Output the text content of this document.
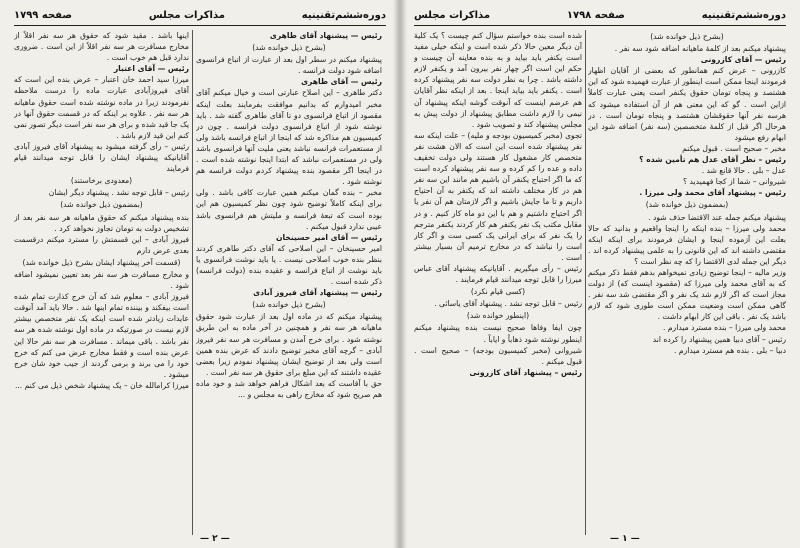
دوره‌ششم‌تقنینیه
مذاکرات مجلس
صفحه ۱۷۹۹

رئیس — پیشنهاد آقای طاهری

(بشرح ذیل خوانده شد)

پیشنهاد میکنم در سطر اول بعد از عبارت از اتباع فرانسوی اضافه شود دولت فرانسه .

رئیس — آقای طاهری

دکتر طاهری – این اصلاح عبارتی است و خیال میکنم آقای مخبر امیدوارم که بدانیم موافقت بفرمایند بعلت اینکه مقصود از اتباع فرانسوی دو تا آقای طاهری گفته شد . باید نوشته شود از اتباع فرانسوی دولت فرانسه . چون در کمیسیون هم مذاکره شد که اینجا از اتباع فرانسه باشد ولی از مستعمرات فرانسه نباشد یعنی ملیت آنها فرانسوی باشد ولی در مستعمرات نباشد که ابتدا اینجا نوشته شده است . در اینجا اگر مقصود بنده پیشنهاد کردم دولت فرانسه هم نوشته شود .

مخبر – بنده گمان میکنم همین عبارت کافی باشد . ولی برای اینکه کاملاً توضیح شود چون نظر کمیسیون هم این بوده است که تبعهٔ فرانسه و ملیتش هم فرانسوی باشد عیبی ندارد قبول میکنم .

رئیس — آقای امیر حسینخان

امیر حسینخان – این اصلاحی که آقای دکتر طاهری کردند بنظر بنده خوب اصلاحی نیست . یا باید نوشت فرانسوی یا باید نوشت از اتباع فرانسه و عقیده بنده (دولت فرانسه) ذکر شده است .

رئیس — پیشنهاد آقای فیروز آبادی

(بشرح ذیل خوانده شد)

پیشنهاد میکنم که در ماده اول بعد از عبارت شود حقوق ماهیانه هر سه نفر و همچنین در آخر ماده به این طریق نوشته شود . برای خرج آمدن و مسافرت هر سه نفر فیروز آبادی – گرچه آقای مخبر توضیح دادند که عرض بنده همین است ولی بعد از توضیح ایشان پیشنهاد نمودم زیرا بعضی عقیده داشتند که این مبلغ برای حقوق هر سه نفر است .

حق با آقاست که بعد اشکال فراهم خواهد شد و خود ماده هم صریح شود که مخارج راهی به مجلس و ...

اینها باشد . مقید شود که حقوق هر سه نفر اقلاً از مخارج مسافرت هر سه نفر اقلاً از این است . ضروری ندارد قبل هم خوب است .

رئیس — آقای اعتبار

میرزا سید احمد خان اعتبار – عرض بنده این است که آقای فیروزآبادی عبارت ماده را درست ملاحظه نفرمودند زیرا در ماده نوشته شده است حقوق ماهیانه هر سه نفر . علاوه بر اینکه که در قسمت حقوق آنها در یک جا قید شده و برای هر سه نفر است دیگر تصور نمی کنم این قید لازم باشد .

رئیس – رأی گرفته میشود به پیشنهاد آقای فیروز آبادی آقایانیکه پیشنهاد ایشان را قابل توجه میدانند قیام فرمایند

(معدودی برخاستند)

رئیس – قابل توجه نشد . پیشنهاد دیگر ایشان

(بمضمون ذیل خوانده شد)

بنده پیشنهاد میکنم که حقوق ماهیانه هر سه نفر بعد از تشخیص دولت به تومان تجاوز نخواهد کرد .

فیروز آبادی – این قسمتش را مسترد میکنم درقسمت بعدی عرض دارم

(قسمت آخر پیشنهاد ایشان بشرح ذیل خوانده شد)

و مخارج مسافرت هر سه نفر بعد تعیین نمیشود اضافه شود .

فیروز آبادی – معلوم شد که آن خرج کذارت تمام شده است بیفکند و بیننده تمام اینها شد . حالا باید آمد آنوقت عایدات زیادتر شده است اینکه یک نفر متخصص بیشتر لازم نیست در صورتیکه در ماده اول نوشته شده هر سه نفر باشد . باقی میماند . مسافرت هر سه نفر حالا این عرض بنده است و فقط مخارج عرض می کنم که خرج خود را می برند و برمی گردند از جیب خود شان خرج میشود .

میرزا کرامالله خان – یک پیشنهاد شخص ذیل می کنم ...

— ۲ —
دوره‌ششم‌تقنینیه
صفحه ۱۷۹۸
مذاکرات مجلس

(بشرح ذیل خوانده شد)

پیشنهاد میکنم بعد از کلمهٔ ماهیانه اضافه شود سه نفر .

رئیس — آقای کازرونی

کازرونی – عرض کنم همانطور که بعضی از آقایان اظهار فرمودند اینجا ممکن است اینطور از عبارت فهمیده شود که این هشتصد و پنجاه تومان حقوق یکنفر است یعنی عبارت کاملاً ازاین است . گو که این معنی هم از آن استفاده میشود که هرسه نفر آنها حقوقشان هشتصد و پنجاه تومان است . در هرحال اگر قبل از کلمهٔ متخصصین (سه نفر) اضافه شود این ابهام رفع میشود

مخبر – صحیح است . قبول میکنم

رئیس – نظر آقای عدل هم تأمین شده ؟

عدل – بلی . حالا قانع شد .

شیروانی – شما از کجا فهمیدید ؟

رئیس – پیشنهاد آقای محمد ولی میرزا .

(بمضمون ذیل خوانده شد)

پیشنهاد میکنم جمله عند الاقتضا حذف شود .

محمد ولی میرزا – بنده اینکه را اینجا واقعیم و بدانید که حالا بعلت این آزموده اینجا و ایشان فرمودند برای اینکه اینکه مقتضی داشته اند که این قانونی را به علمی پیشنهاد کرده اند . دیگر این جمله لدی الاقتضا را که چه نظر است ؟

وزیر مالیه – اینجا توضیح زیادی نمیخواهم بدهم فقط ذکر میکنم که به آقای محمد ولی میرزا که (مقصود اینست که) از دولت مجاز است که اگر لازم شد یک نفر و اگر مقتضی شد سه نفر . گاهی ممکن است وضعیت ممکن است طوری شود که لازم باشد یک نفر . باقی این کار ابهام داشت .

محمد ولی میرزا – بنده مسترد میدارم .

رئیس – آقای دبیا همین پیشنهاد را کرده اند

دبیا – بلی . بنده هم مسترد میدارم .

شده است بنده خواستم سؤال کنم چیست ؟ یک کلیهٔ آن دیگر معین حالا ذکر شده است و اینکه خیلی مفید است یکنفر باید بیاید و به بنده معاینه آن چیست و حکم این است اگر چهار نفر بیرون آمد و یکنفر لازم داشته باشد . چرا به نظر دولت سه نفر پیشنهاد کرده است . یکنفر باید بیاید اینجا . بعد از اینکه نظر آقایان هم عرضم اینست که آنوقت گوشه اینکه پیشنهاد آن نیمی را لازم داشت مطابق پیشنهاد از دولت پیش به مجلس پیشنهاد کند و تصویب شود .

تجوی (مخبر کمیسیون بودجه و ملیه) – علت اینکه سه نفر پیشنهاد شده است این است که الان هشت نفر متخصص کار مشغول کار هستند ولی دولت تخفیف داده و عده را کم کرده و سه نفر پیشنهاد کرده است که ما اگر احتیاج یکنفر آن باشیم هم مانند این سه نفر هم در کار مختلف داشته اند که یکنفر به آن احتیاج داریم و تا ما جایش باشیم و اگر لازمتان هم آن نفر یا اگر احتیاج داشتیم و هم با این دو ماه کار کنیم . و در مقابل مکتب یک نفر یکنفر هم کار کردند یکنفر مترجم را یک نفر که برای ایرانی یک کسی ست و اگر کار است را نباشد که در مخارج ترمیم آن بسیار بیشتر است .

رئیس – رأی میگیریم . آقایانیکه پیشنهاد آقای عباس میرزا را قابل توجه میدانند قیام فرمایند .

(کسی قیام نکرد)

رئیس – قابل توجه نشد . پیشنهاد آقای یاسائی .

(اینطور خوانده شد)

چون ایفا وفاها صحیح نیست بنده پیشنهاد میکنم اینطور نوشته شود ذهاباً و ایاباً .

شیروانی (مخبر کمیسیون بودجه) – صحیح است . قبول میکنم .

رئیس – پیشنهاد آقای کازرونی

— ۱ —
